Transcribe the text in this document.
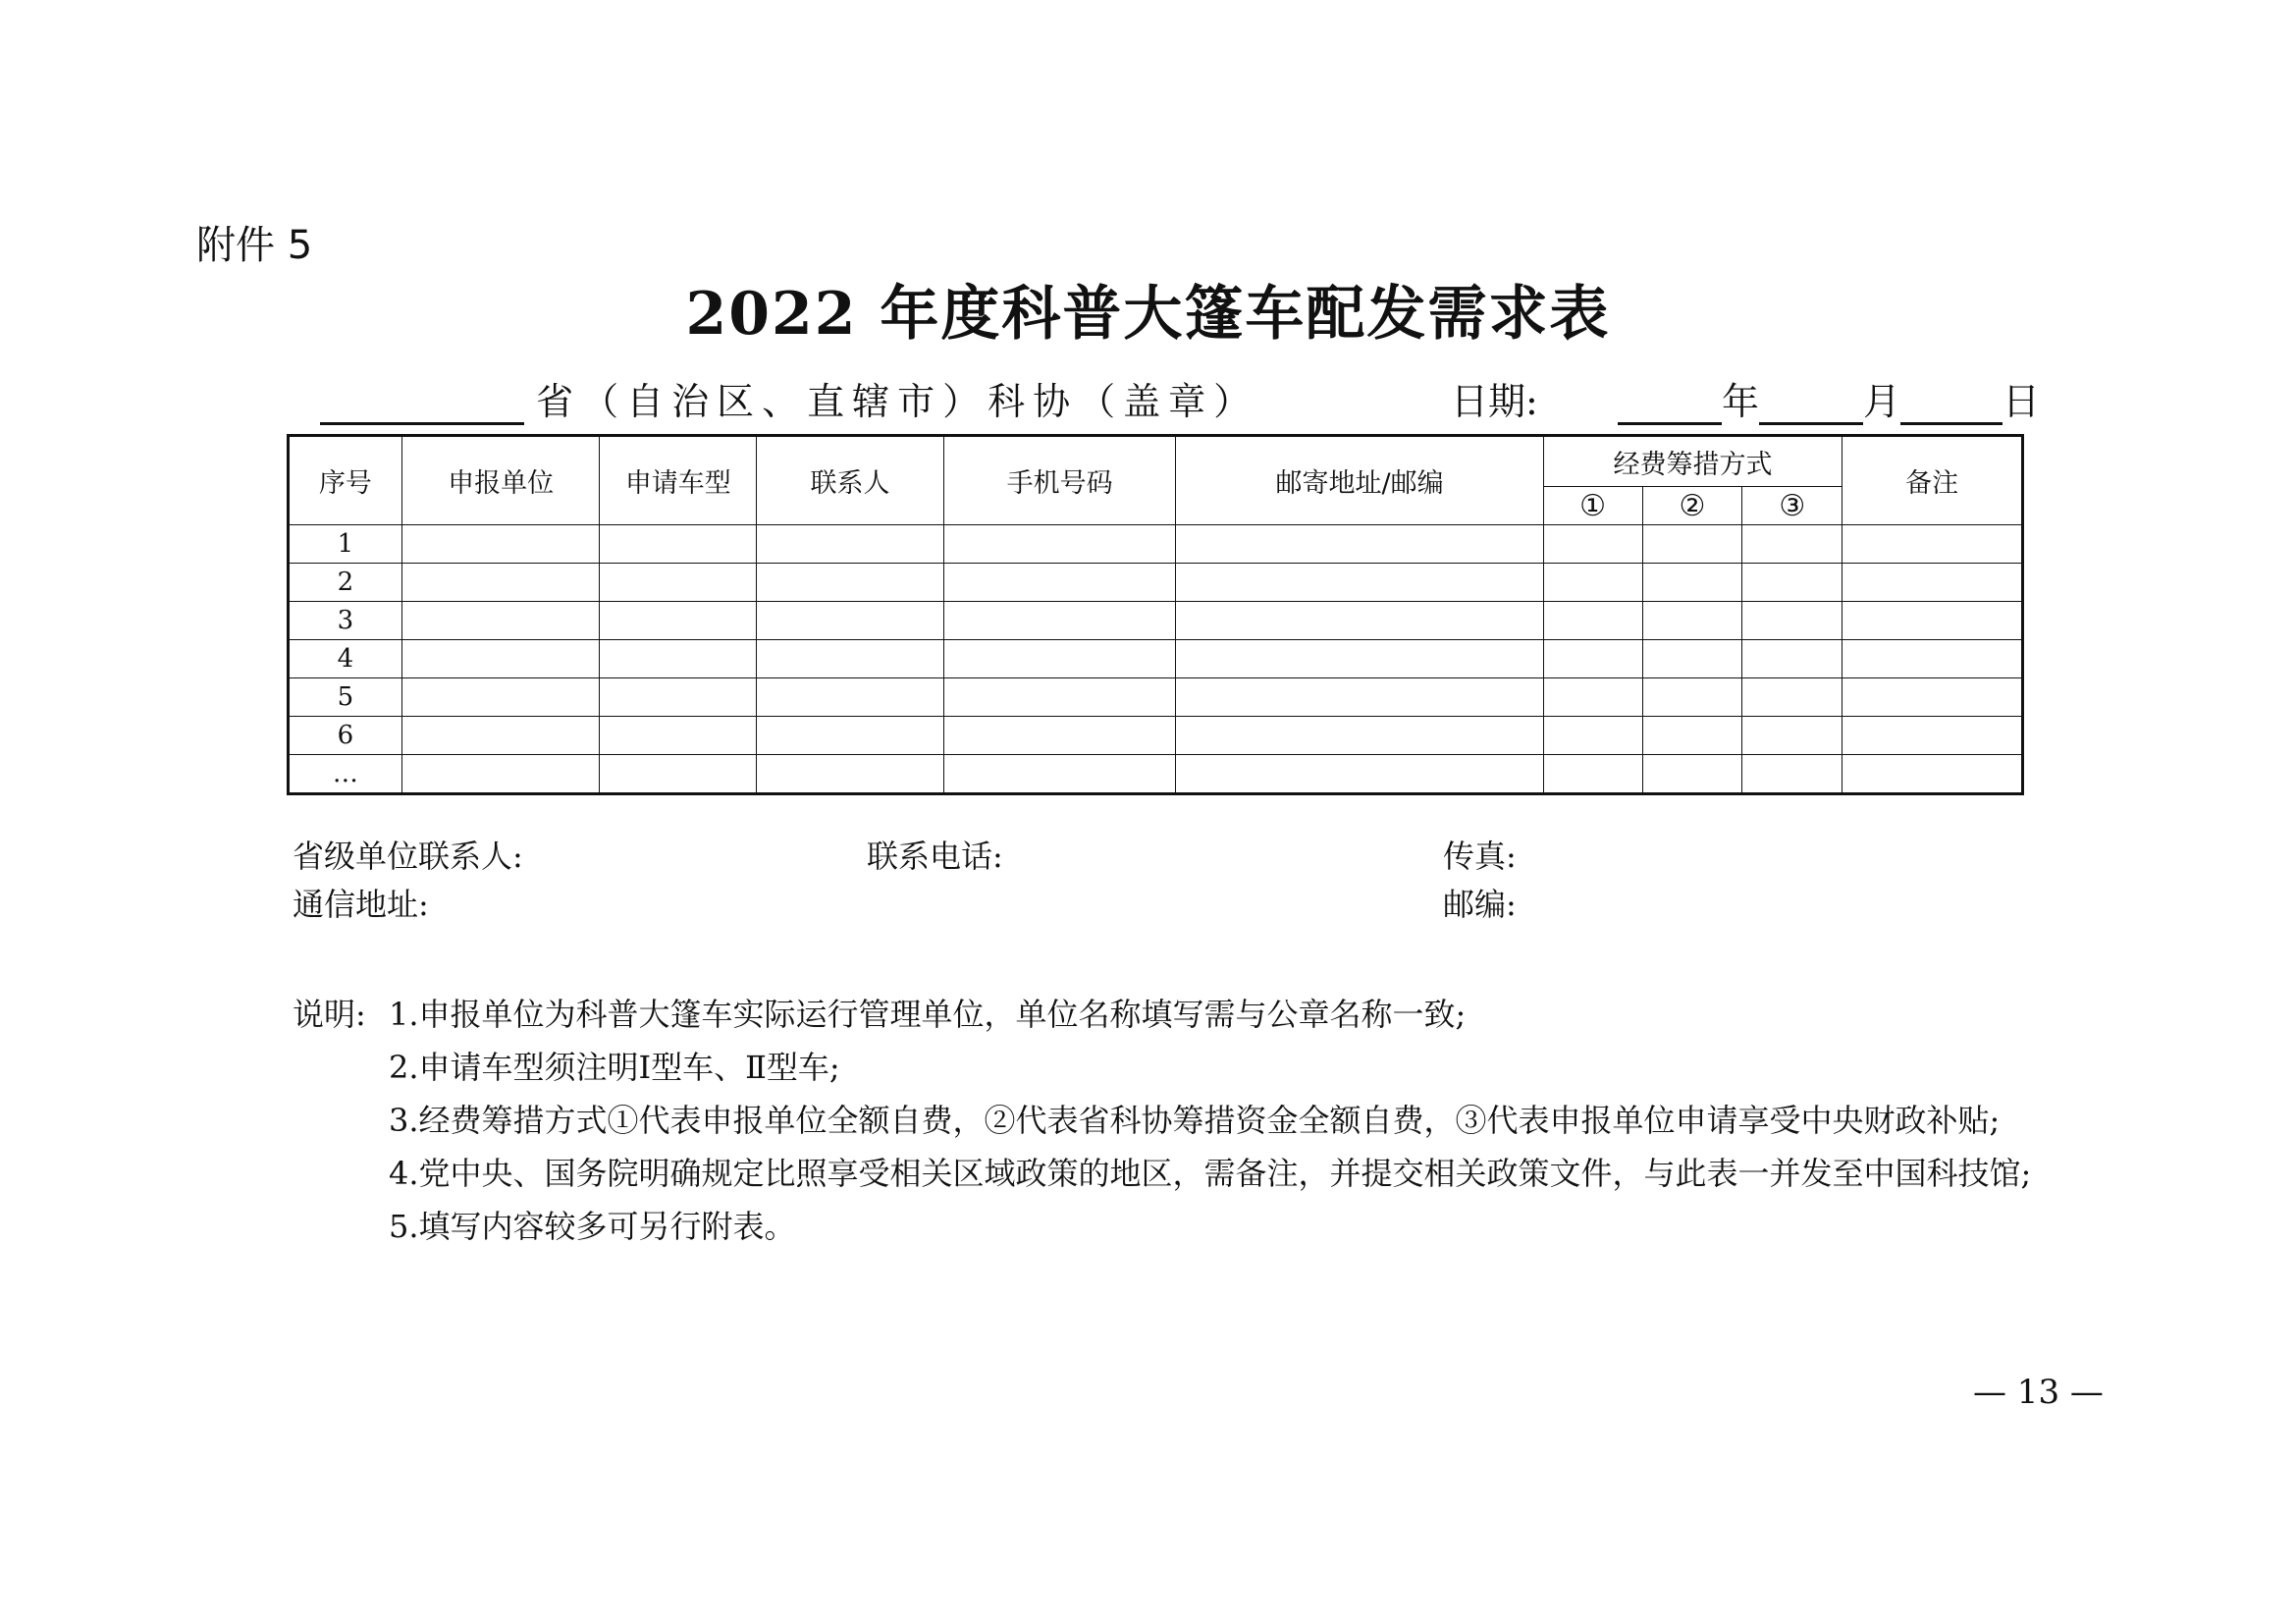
附件 5
2022 年度科普大篷车配发需求表
省（自治区、直辖市）科协（盖章）	日期:	年	月	日
序号	申报单位	申请车型	联系人	手机号码	邮寄地址/邮编	经费筹措方式			备注
						①	②	③	
1									
2									
3									
4									
5									
6									
…									
省级单位联系人:	联系电话:	传真:
通信地址:	邮编:
说明: 1.申报单位为科普大篷车实际运行管理单位，单位名称填写需与公章名称一致;
2.申请车型须注明Ⅰ型车、Ⅱ型车;
3.经费筹措方式①代表申报单位全额自费，②代表省科协筹措资金全额自费，③代表申报单位申请享受中央财政补贴;
4.党中央、国务院明确规定比照享受相关区域政策的地区，需备注，并提交相关政策文件，与此表一并发至中国科技馆;
5.填写内容较多可另行附表。
— 13 —
